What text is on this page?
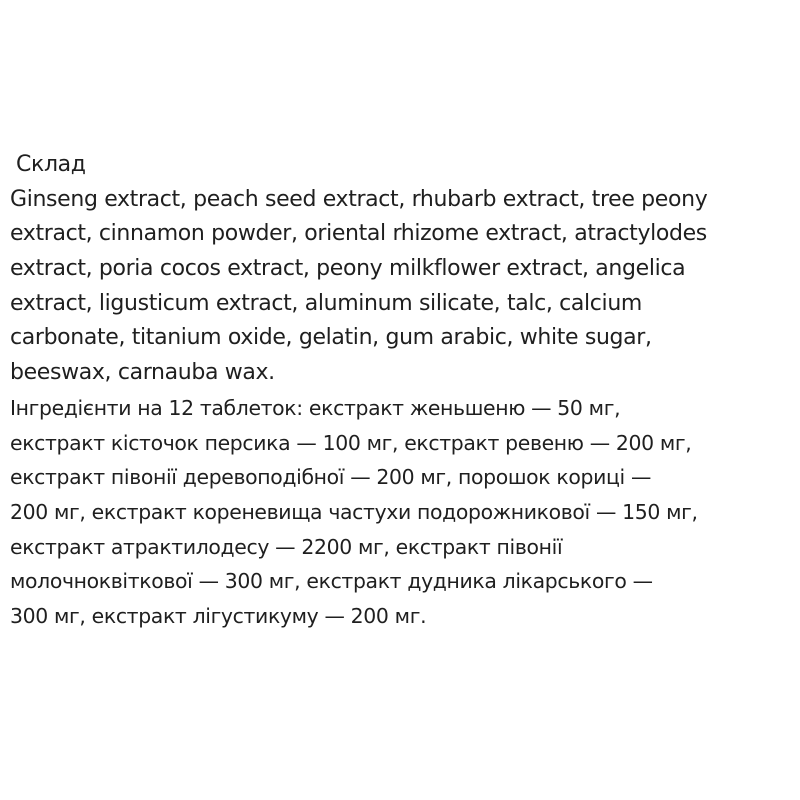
Склад
Ginseng extract, peach seed extract, rhubarb extract, tree peony
extract, cinnamon powder, oriental rhizome extract, atractylodes
extract, poria cocos extract, peony milkflower extract, angelica
extract, ligusticum extract, aluminum silicate, talc, calcium
carbonate, titanium oxide, gelatin, gum arabic, white sugar,
beeswax, carnauba wax.
Інгредієнти на 12 таблеток: екстракт женьшеню — 50 мг,
екстракт кісточок персика — 100 мг, екстракт ревеню — 200 мг,
екстракт півонії деревоподібної — 200 мг, порошок кориці —
200 мг, екстракт кореневища частухи подорожникової — 150 мг,
екстракт атрактилодесу — 2200 мг, екстракт півонії
молочноквіткової — 300 мг, екстракт дудника лікарського —
300 мг, екстракт лігустикуму — 200 мг.
